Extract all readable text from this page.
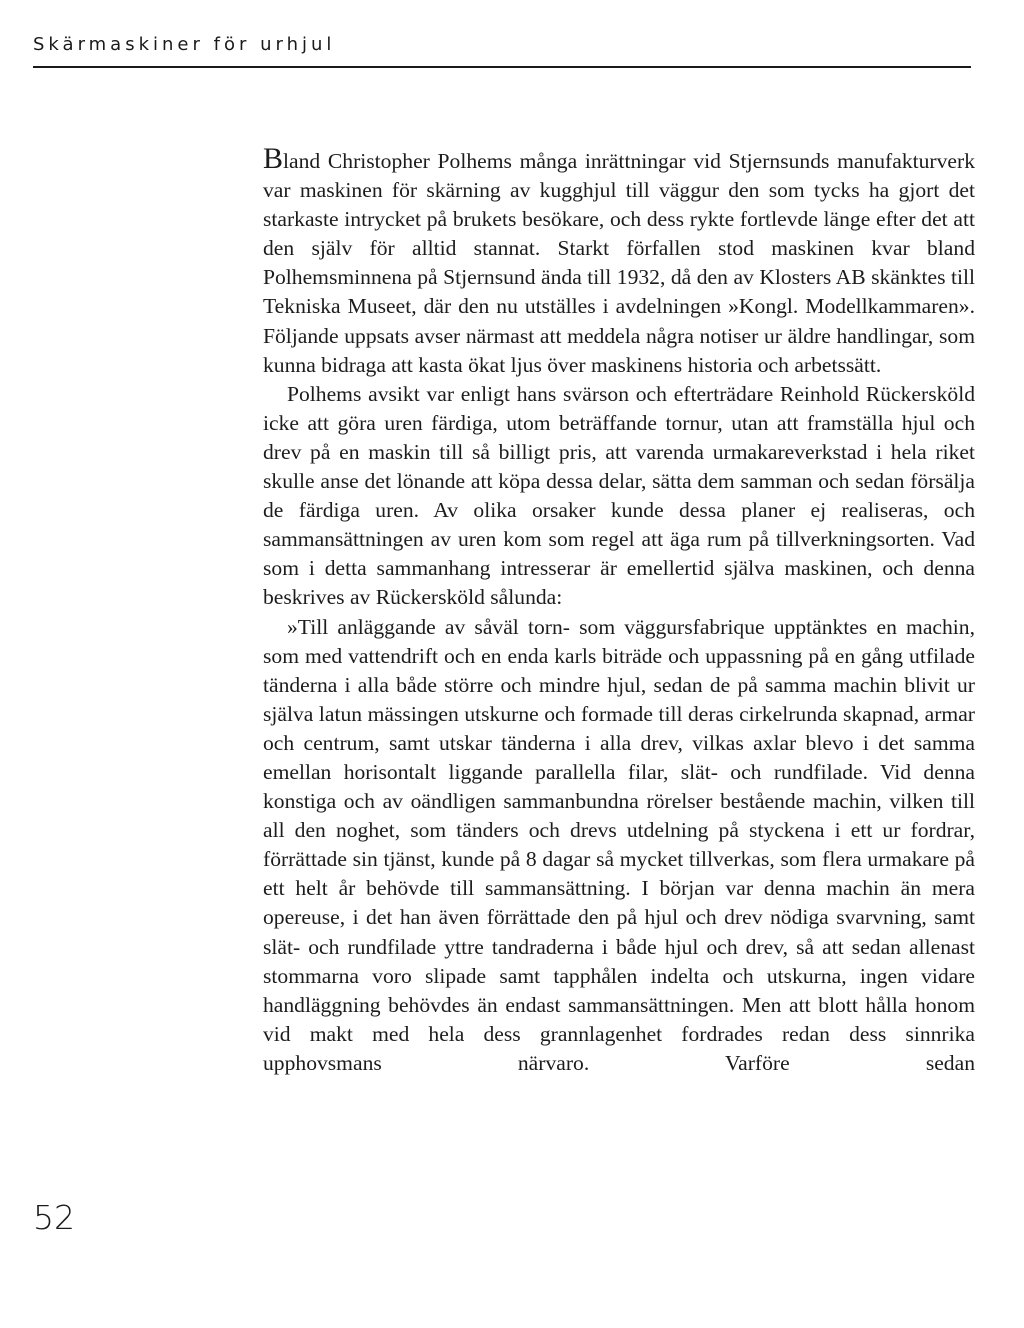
Skärmaskiner för urhjul

Bland Christopher Polhems många inrättningar vid Stjernsunds manufakturverk var maskinen för skärning av kugghjul till väggur den som tycks ha gjort det starkaste intrycket på brukets besökare, och dess rykte fortlevde länge efter det att den själv för alltid stannat. Starkt förfallen stod maskinen kvar bland Polhemsminnena på Stjernsund ända till 1932, då den av Klosters AB skänktes till Tekniska Museet, där den nu utställes i avdelningen »Kongl. Modellkammaren». Följande uppsats avser närmast att meddela några notiser ur äldre handlingar, som kunna bidraga att kasta ökat ljus över maskinens historia och arbetssätt.

Polhems avsikt var enligt hans svärson och efterträdare Reinhold Rückersköld icke att göra uren färdiga, utom beträffande tornur, utan att framställa hjul och drev på en maskin till så billigt pris, att varenda urmakareverkstad i hela riket skulle anse det lönande att köpa dessa delar, sätta dem samman och sedan försälja de färdiga uren. Av olika orsaker kunde dessa planer ej realiseras, och sammansättningen av uren kom som regel att äga rum på tillverkningsorten. Vad som i detta sammanhang intresserar är emellertid själva maskinen, och denna beskrives av Rückersköld sålunda:

»Till anläggande av såväl torn- som väggursfabrique upptänktes en machin, som med vattendrift och en enda karls biträde och uppassning på en gång utfilade tänderna i alla både större och mindre hjul, sedan de på samma machin blivit ur själva latun mässingen utskurne och formade till deras cirkelrunda skapnad, armar och centrum, samt utskar tänderna i alla drev, vilkas axlar blevo i det samma emellan horisontalt liggande parallella filar, slät- och rundfilade. Vid denna konstiga och av oändligen sammanbundna rörelser bestående machin, vilken till all den noghet, som tänders och drevs utdelning på styckena i ett ur fordrar, förrättade sin tjänst, kunde på 8 dagar så mycket tillverkas, som flera urmakare på ett helt år behövde till sammansättning. I början var denna machin än mera opereuse, i det han även förrättade den på hjul och drev nödiga svarvning, samt slät- och rundfilade yttre tandraderna i både hjul och drev, så att sedan allenast stommarna voro slipade samt tapphålen indelta och utskurna, ingen vidare handläggning behövdes än endast sammansättningen. Men att blott hålla honom vid makt med hela dess grannlagenhet fordrades redan dess sinnrika upphovsmans närvaro. Varföre sedan

52
